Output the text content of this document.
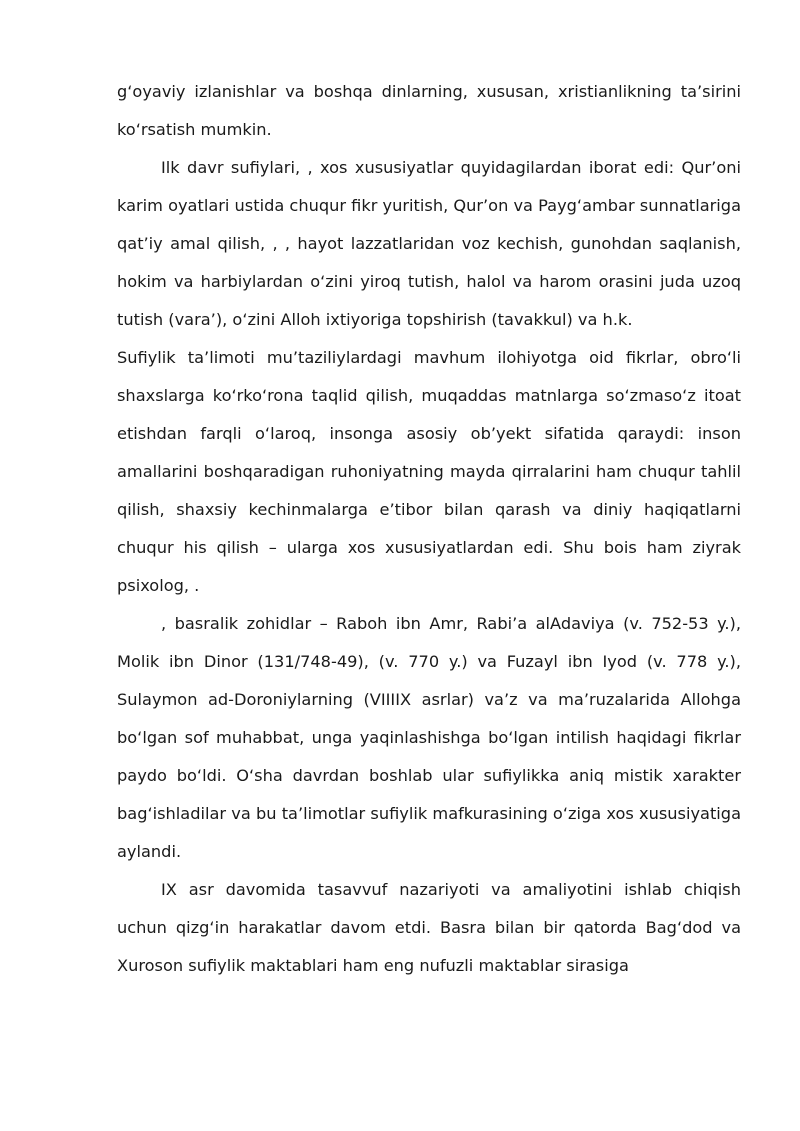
g‘oyaviy izlanishlar va boshqa dinlarning, xususan, xristianlikning ta’sirini ko‘rsatish mumkin.

Ilk davr sufiylari, , xos xususiyatlar quyidagilardan iborat edi: Qur’oni karim oyatlari ustida chuqur fikr yuritish, Qur’on va Payg‘ambar sunnatlariga qat’iy amal qilish, , , hayot lazzatlaridan voz kechish, gunohdan saqlanish, hokim va harbiylardan o‘zini yiroq tutish, halol va harom orasini juda uzoq tutish (vara’), o‘zini Alloh ixtiyoriga topshirish (tavakkul) va h.k.

Sufiylik ta’limoti mu’taziliylardagi mavhum ilohiyotga oid fikrlar, obro‘li shaxslarga ko‘rko‘rona taqlid qilish, muqaddas matnlarga so‘zmaso‘z itoat etishdan farqli o‘laroq, insonga asosiy ob’yekt sifatida qaraydi: inson amallarini boshqaradigan ruhoniyatning mayda qirralarini ham chuqur tahlil qilish, shaxsiy kechinmalarga e’tibor bilan qarash va diniy haqiqatlarni chuqur his qilish – ularga xos xususiyatlardan edi. Shu bois ham ziyrak psixolog, .

, basralik zohidlar – Raboh ibn Amr, Rabi’a alAdaviya (v. 752-53 y.), Molik ibn Dinor (131/748-49), (v. 770 y.) va Fuzayl ibn Iyod (v. 778 y.), Sulaymon ad-Doroniylarning (VIIIIX asrlar) va’z va ma’ruzalarida Allohga bo‘lgan sof muhabbat, unga yaqinlashishga bo‘lgan intilish haqidagi fikrlar paydo bo‘ldi. O‘sha davrdan boshlab ular sufiylikka aniq mistik xarakter bag‘ishladilar va bu ta’limotlar sufiylik mafkurasining o‘ziga xos xususiyatiga aylandi.

IX asr davomida tasavvuf nazariyoti va amaliyotini ishlab chiqish uchun qizg‘in harakatlar davom etdi. Basra bilan bir qatorda Bag‘dod va Xuroson sufiylik maktablari ham eng nufuzli maktablar sirasiga
